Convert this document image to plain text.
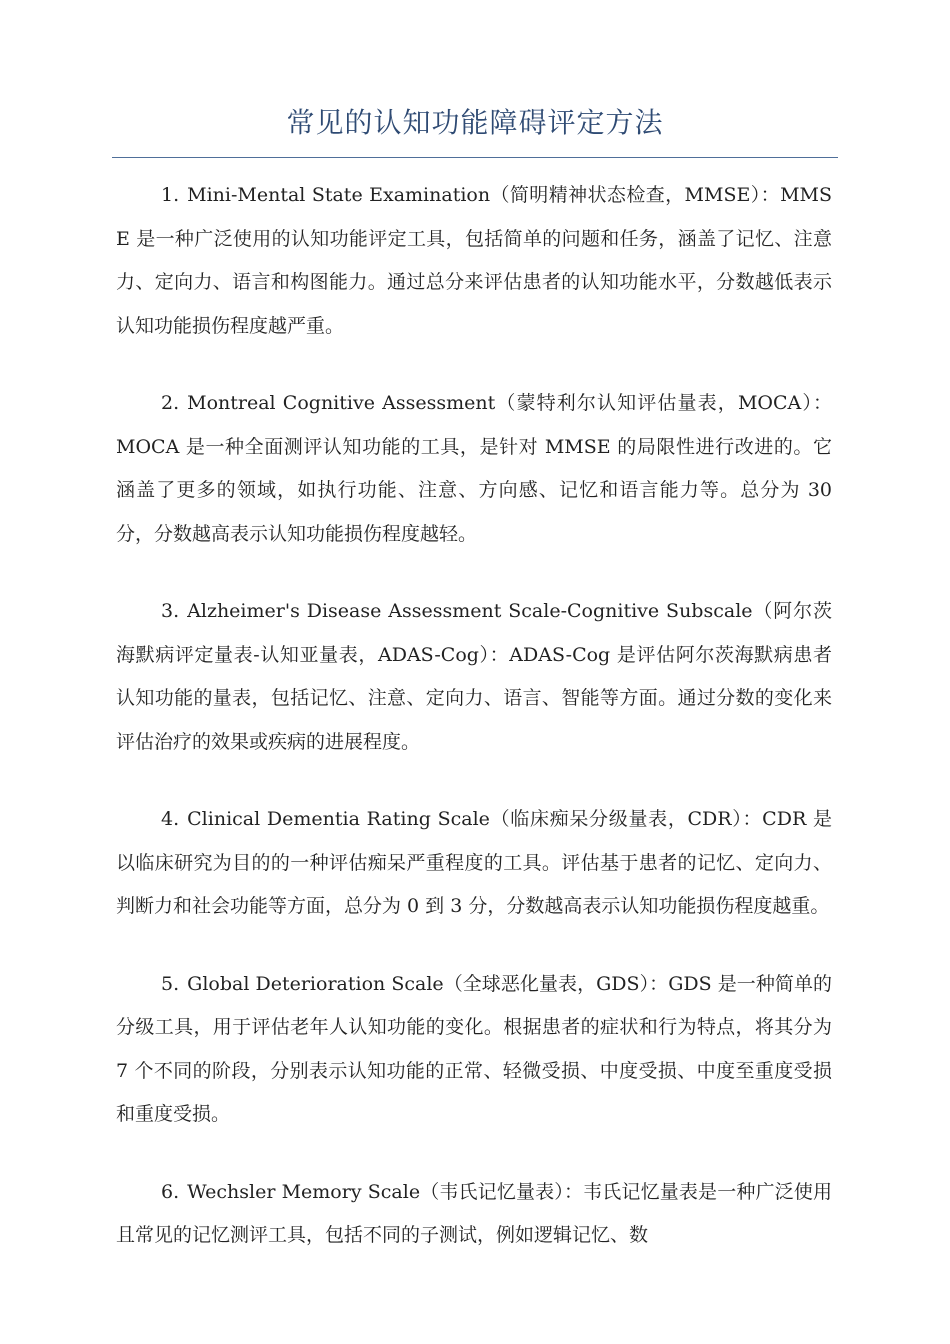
常见的认知功能障碍评定方法

1. Mini-Mental State Examination（简明精神状态检查，MMSE）：MMSE 是一种广泛使用的认知功能评定工具，包括简单的问题和任务，涵盖了记忆、注意力、定向力、语言和构图能力。通过总分来评估患者的认知功能水平，分数越低表示认知功能损伤程度越严重。

2. Montreal Cognitive Assessment（蒙特利尔认知评估量表，MOCA）：MOCA 是一种全面测评认知功能的工具，是针对 MMSE 的局限性进行改进的。它涵盖了更多的领域，如执行功能、注意、方向感、记忆和语言能力等。总分为 30 分，分数越高表示认知功能损伤程度越轻。

3. Alzheimer's Disease Assessment Scale-Cognitive Subscale（阿尔茨海默病评定量表-认知亚量表，ADAS-Cog）：ADAS-Cog 是评估阿尔茨海默病患者认知功能的量表，包括记忆、注意、定向力、语言、智能等方面。通过分数的变化来评估治疗的效果或疾病的进展程度。

4. Clinical Dementia Rating Scale（临床痴呆分级量表，CDR）：CDR 是以临床研究为目的的一种评估痴呆严重程度的工具。评估基于患者的记忆、定向力、判断力和社会功能等方面，总分为 0 到 3 分，分数越高表示认知功能损伤程度越重。

5. Global Deterioration Scale（全球恶化量表，GDS）：GDS 是一种简单的分级工具，用于评估老年人认知功能的变化。根据患者的症状和行为特点，将其分为 7 个不同的阶段，分别表示认知功能的正常、轻微受损、中度受损、中度至重度受损和重度受损。

6. Wechsler Memory Scale（韦氏记忆量表）：韦氏记忆量表是一种广泛使用且常见的记忆测评工具，包括不同的子测试，例如逻辑记忆、数
